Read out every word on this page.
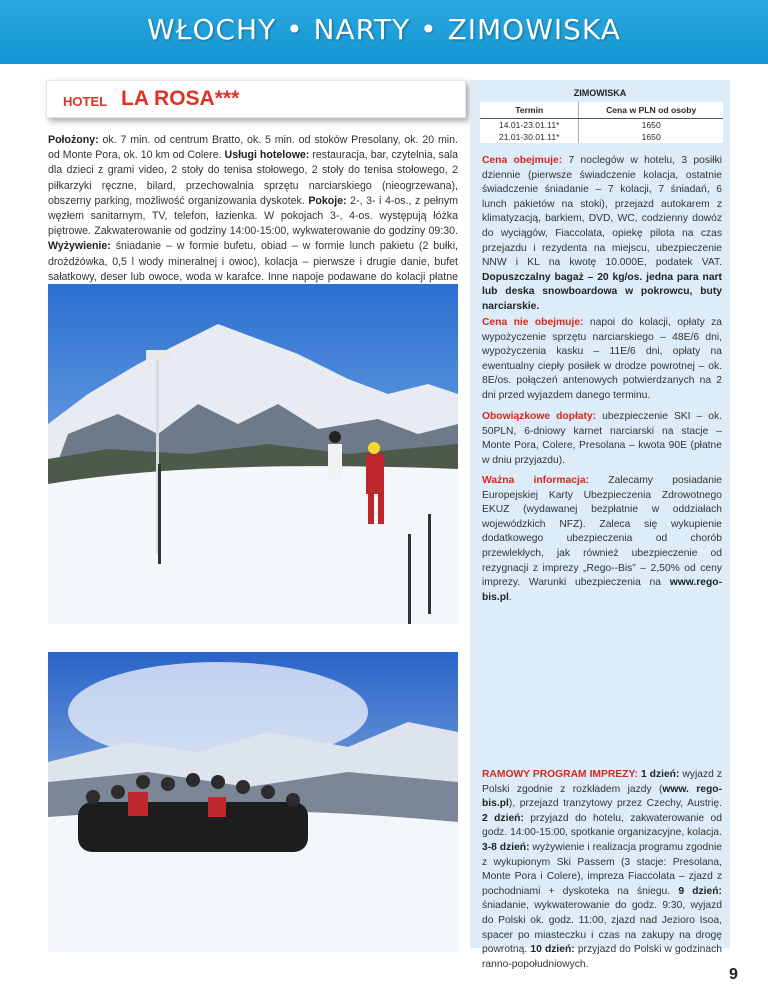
WŁOCHY • NARTY • ZIMOWISKA
HOTEL LA ROSA***
Położony: ok. 7 min. od centrum Bratto, ok. 5 min. od stoków Presolany, ok. 20 min. od Monte Pora, ok. 10 km od Colere. Usługi hotelowe: restauracja, bar, czytelnia, sala dla dzieci z grami video, 2 stoły do tenisa stołowego, 2 stoły do tenisa stołowego, 2 piłkarzyki ręczne, bilard, przechowalnia sprzętu narciarskiego (nieogrzewana), obszerny parking, możliwość organizowania dyskotek. Pokoje: 2-, 3- i 4-os., z pełnym węzłem sanitarnym, TV, telefon, łazienka. W pokojach 3-, 4-os. występują łóżka piętrowe. Zakwaterowanie od godziny 14:00-15:00, wykwaterowanie do godziny 09:30. Wyżywienie: śniadanie – w formie bufetu, obiad – w formie lunch pakietu (2 bułki, drożdżówka, 0,5 l wody mineralnej i owoc), kolacja – pierwsze i drugie danie, bufet sałatkowy, deser lub owoce, woda w karafce. Inne napoje podawane do kolacji płatne
ZIMOWISKA
Termin	Cena w PLN od osoby
14.01-23.01.11*	1650
21.01-30.01.11*	1650
Cena obejmuje: 7 noclegów w hotelu, 3 posiłki dziennie (pierwsze świadczenie kolacja, ostatnie świadczenie śniadanie – 7 kolacji, 7 śniadań, 6 lunch pakietów na stoki), przejazd autokarem z klimatyzacją, barkiem, DVD, WC, codzienny dowóz do wyciągów, Fiaccolata, opiekę pilota na czas przejazdu i rezydenta na miejscu, ubezpieczenie NNW i KL na kwotę 10.000E, podatek VAT. Dopuszczalny bagaż – 20 kg/os. jedna para nart lub deska snowboardowa w pokrowcu, buty narciarskie.
Cena nie obejmuje: napoi do kolacji, opłaty za wypożyczenie sprzętu narciarskiego – 48E/6 dni, wypożyczenia kasku – 11E/6 dni, opłaty na ewentualny ciepły posiłek w drodze powrotnej – ok. 8E/os. połączeń antenowych potwierdzanych na 2 dni przed wyjazdem danego terminu.
Obowiązkowe dopłaty: ubezpieczenie SKI – ok. 50PLN, 6-dniowy karnet narciarski na stacje – Monte Pora, Colere, Presolana – kwota 90E (płatne w dniu przyjazdu).
Ważna informacja: Zalecamy posiadanie Europejskiej Karty Ubezpieczenia Zdrowotnego EKUZ (wydawanej bezpłatnie w oddziałach wojewódzkich NFZ). Zaleca się wykupienie dodatkowego ubezpieczenia od chorób przewlekłych, jak również ubezpieczenie od rezygnacji z imprezy „Rego--Bis” – 2,50% od ceny imprezy. Warunki ubezpieczenia na www.rego-bis.pl.
RAMOWY PROGRAM IMPREZY: 1 dzień: wyjazd z Polski zgodnie z rozkładem jazdy (www. rego-bis.pl), przejazd tranzytowy przez Czechy, Austrię. 2 dzień: przyjazd do hotelu, zakwaterowanie od godz. 14:00-15:00, spotkanie organizacyjne, kolacja. 3-8 dzień: wyżywienie i realizacja programu zgodnie z wykupionym Ski Passem (3 stacje: Presolana, Monte Pora i Colere), impreza Fiaccolata – zjazd z pochodniami + dyskoteka na śniegu. 9 dzień: śniadanie, wykwaterowanie do godz. 9:30, wyjazd do Polski ok. godz. 11:00, zjazd nad Jezioro Isoa, spacer po miasteczku i czas na zakupy na drogę powrotną. 10 dzień: przyjazd do Polski w godzinach ranno-popołudniowych.
9
